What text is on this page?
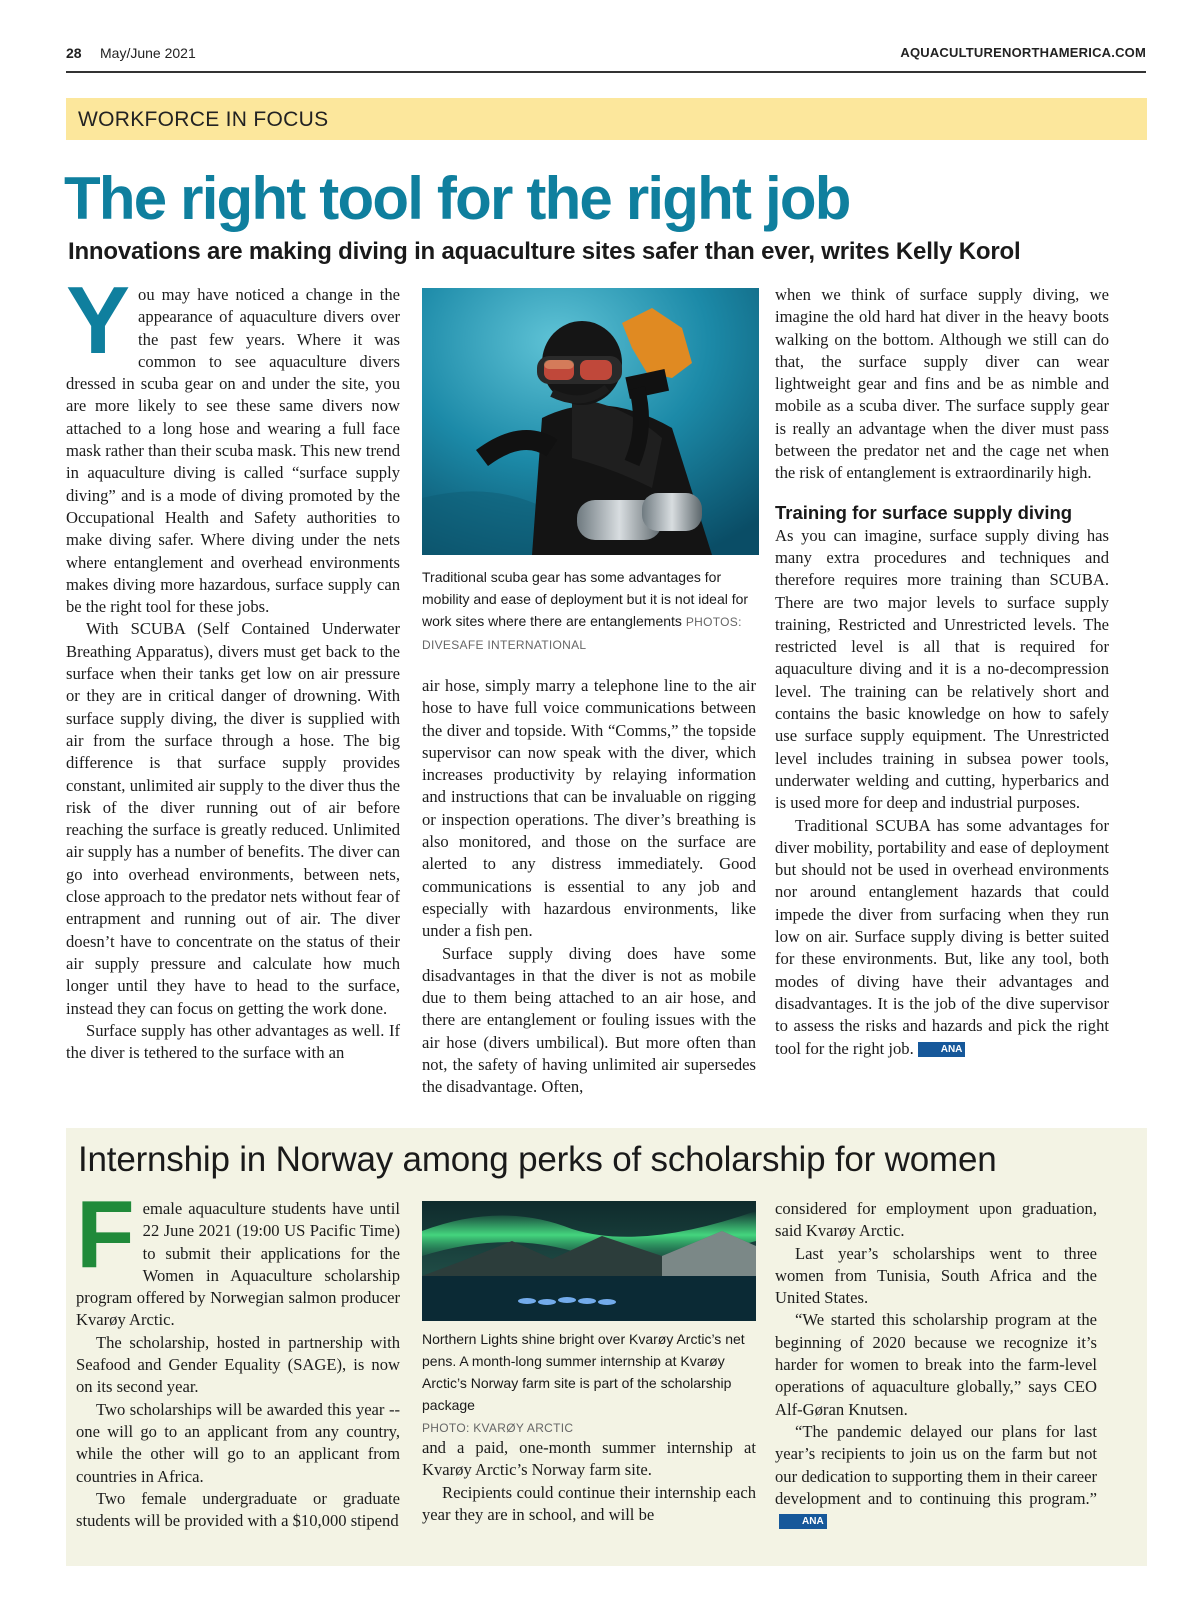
28 May/June 2021	AQUACULTURENORTHAMERICA.COM
WORKFORCE IN FOCUS
The right tool for the right job
Innovations are making diving in aquaculture sites safer than ever, writes Kelly Korol

You may have noticed a change in the appearance of aquaculture divers over the past few years. Where it was common to see aquaculture divers dressed in scuba gear on and under the site, you are more likely to see these same divers now attached to a long hose and wearing a full face mask rather than their scuba mask. This new trend in aquaculture diving is called “surface supply diving” and is a mode of diving promoted by the Occupational Health and Safety authorities to make diving safer. Where diving under the nets where entanglement and overhead environments makes diving more hazardous, surface supply can be the right tool for these jobs.

With SCUBA (Self Contained Underwater Breathing Apparatus), divers must get back to the surface when their tanks get low on air pressure or they are in critical danger of drowning. With surface supply diving, the diver is supplied with air from the surface through a hose. The big difference is that surface supply provides constant, unlimited air supply to the diver thus the risk of the diver running out of air before reaching the surface is greatly reduced. Unlimited air supply has a number of benefits. The diver can go into overhead environments, between nets, close approach to the predator nets without fear of entrapment and running out of air. The diver doesn’t have to concentrate on the status of their air supply pressure and calculate how much longer until they have to head to the surface, instead they can focus on getting the work done.

Surface supply has other advantages as well. If the diver is tethered to the surface with an

Traditional scuba gear has some advantages for mobility and ease of deployment but it is not ideal for work sites where there are entanglements PHOTOS: DIVESAFE INTERNATIONAL

air hose, simply marry a telephone line to the air hose to have full voice communications between the diver and topside. With “Comms,” the topside supervisor can now speak with the diver, which increases productivity by relaying information and instructions that can be invaluable on rigging or inspection operations. The diver’s breathing is also monitored, and those on the surface are alerted to any distress immediately. Good communications is essential to any job and especially with hazardous environments, like under a fish pen.

Surface supply diving does have some disadvantages in that the diver is not as mobile due to them being attached to an air hose, and there are entanglement or fouling issues with the air hose (divers umbilical). But more often than not, the safety of having unlimited air supersedes the disadvantage. Often,

when we think of surface supply diving, we imagine the old hard hat diver in the heavy boots walking on the bottom. Although we still can do that, the surface supply diver can wear lightweight gear and fins and be as nimble and mobile as a scuba diver. The surface supply gear is really an advantage when the diver must pass between the predator net and the cage net when the risk of entanglement is extraordinarily high.

Training for surface supply diving

As you can imagine, surface supply diving has many extra procedures and techniques and therefore requires more training than SCUBA. There are two major levels to surface supply training, Restricted and Unrestricted levels. The restricted level is all that is required for aquaculture diving and it is a no-decompression level. The training can be relatively short and contains the basic knowledge on how to safely use surface supply equipment. The Unrestricted level includes training in subsea power tools, underwater welding and cutting, hyperbarics and is used more for deep and industrial purposes.

Traditional SCUBA has some advantages for diver mobility, portability and ease of deployment but should not be used in overhead environments nor around entanglement hazards that could impede the diver from surfacing when they run low on air. Surface supply diving is better suited for these environments. But, like any tool, both modes of diving have their advantages and disadvantages. It is the job of the dive supervisor to assess the risks and hazards and pick the right tool for the right job.	ANA

Internship in Norway among perks of scholarship for women

Female aquaculture students have until 22 June 2021 (19:00 US Pacific Time) to submit their applications for the Women in Aquaculture scholarship program offered by Norwegian salmon producer Kvarøy Arctic.

The scholarship, hosted in partnership with Seafood and Gender Equality (SAGE), is now on its second year.

Two scholarships will be awarded this year -- one will go to an applicant from any country, while the other will go to an applicant from countries in Africa.

Two female undergraduate or graduate students will be provided with a $10,000 stipend

Northern Lights shine bright over Kvarøy Arctic’s net pens. A month-long summer internship at Kvarøy Arctic’s Norway farm site is part of the scholarship package
PHOTO: KVARØY ARCTIC

and a paid, one-month summer internship at Kvarøy Arctic’s Norway farm site.

Recipients could continue their internship each year they are in school, and will be

considered for employment upon graduation, said Kvarøy Arctic.

Last year’s scholarships went to three women from Tunisia, South Africa and the United States.

“We started this scholarship program at the beginning of 2020 because we recognize it’s harder for women to break into the farm-level operations of aquaculture globally,” says CEO Alf-Gøran Knutsen.

“The pandemic delayed our plans for last year’s recipients to join us on the farm but not our dedication to supporting them in their career development and to continuing this program.”ANA
